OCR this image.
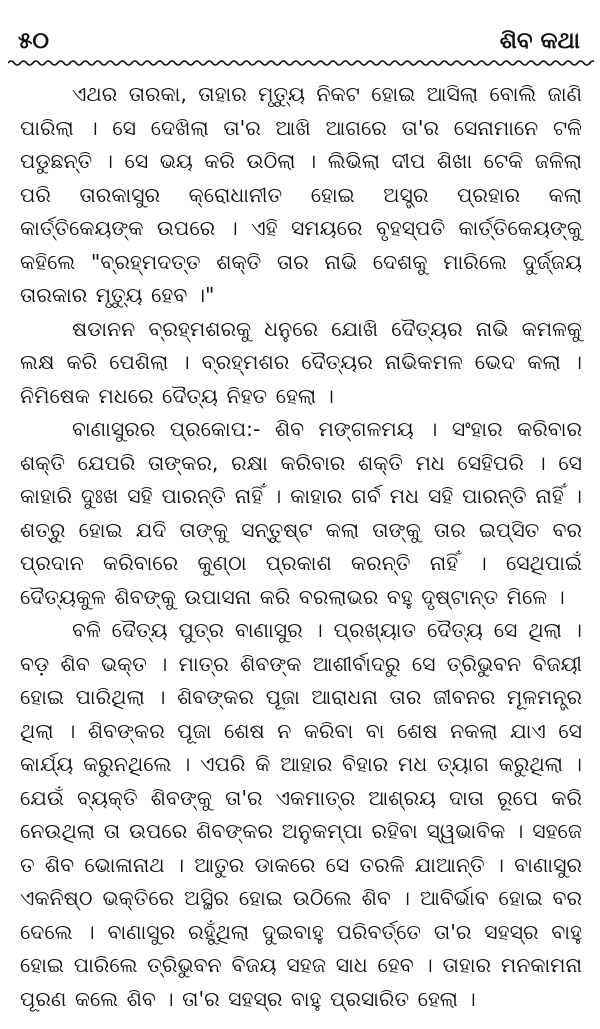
୫୦	ଶିବ କଥା

ଏଥର ତାରକା, ତାହାର ମୃତ୍ୟୁ ନିକଟ ହୋଇ ଆସିଲା ବୋଲି ଜାଣି ପାରିଲା । ସେ ଦେଖିଲା ତା'ର ଆଖି ଆଗରେ ତା'ର ସେନାମାନେ ଟଳି ପଡୁଛନ୍ତି । ସେ ଭୟ କରି ଉଠିଲା । ଲିଭିଲା ଦୀପ ଶିଖା ଟେକି ଜଳିଲା ପରି ତାରକାସୁର କ୍ରୋଧାନୀତ ହୋଇ ଅସ୍ତ୍ର ପ୍ରହାର କଲା କାର୍ତ୍ତିକେୟଙ୍କ ଉପରେ । ଏହି ସମୟରେ ବୃହସ୍ପତି କାର୍ତ୍ତିକେୟଙ୍କୁ କହିଲେ "ବ୍ରହ୍ମଦତ୍ତ ଶକ୍ତି ତାର ନାଭି ଦେଶକୁ ମାରିଲେ ଦୁର୍ଜ୍ଜୟ ତାରକାର ମୃତ୍ୟୁ ହେବ ।"

ଷଡାନନ ବ୍ରହ୍ମଶରକୁ ଧନୁରେ ଯୋଖି ଦୈତ୍ୟର ନାଭି କମଳକୁ ଲକ୍ଷ କରି ପେଶିଲା । ବ୍ରହ୍ମଶର ଦୈତ୍ୟର ନାଭିକମଳ ଭେଦ କଲା । ନିମିଷେକ ମଧରେ ଦୈତ୍ୟ ନିହତ ହେଲା ।

ବାଣାସୁରର ପ୍ରକୋପ:- ଶିବ ମଙ୍ଗଳମୟ । ସଂହାର କରିବାର ଶକ୍ତି ଯେପରି ତାଙ୍କର, ରକ୍ଷା କରିବାର ଶକ୍ତି ମଧ ସେହିପରି । ସେ କାହାରି ଦୁଃଖ ସହି ପାରନ୍ତି ନାହିଁ । କାହାର ଗର୍ବ ମଧ ସହି ପାରନ୍ତି ନାହିଁ । ଶତ୍ରୁ ହୋଇ ଯଦି ତାଙ୍କୁ ସନ୍ତୁଷ୍ଟ କଲା ତାଙ୍କୁ ତାର ଇପ୍ସିତ ବର ପ୍ରଦାନ କରିବାରେ କୁଣ୍ଠା ପ୍ରକାଶ କରନ୍ତି ନାହିଁ । ସେଥିପାଇଁ ଦୈତ୍ୟକୁଳ ଶିବଙ୍କୁ ଉପାସନା କରି ବରଲାଭର ବହୁ ଦୃଷ୍ଟାନ୍ତ ମିଳେ ।

ବଳି ଦୈତ୍ୟ ପୁତ୍ର ବାଣାସୁର । ପ୍ରଖ୍ୟାତ ଦୈତ୍ୟ ସେ ଥିଲା । ବଡ଼ ଶିବ ଭକ୍ତ । ମାତ୍ର ଶିବଙ୍କ ଆଶୀର୍ବାଦରୁ ସେ ତ୍ରିଭୁବନ ବିଜୟୀ ହୋଇ ପାରିଥିଲା । ଶିବଙ୍କର ପୂଜା ଆରାଧନା ତାର ଜୀବନର ମୂଳମନ୍ତ୍ର ଥିଲା । ଶିବଙ୍କର ପୂଜା ଶେଷ ନ କରିବା ବା ଶେଷ ନକଲା ଯାଏ ସେ କାର୍ଯ୍ୟ କରୁନଥିଲେ । ଏପରି କି ଆହାର ବିହାର ମଧ ତ୍ୟାଗ କରୁଥିଲା । ଯେଉଁ ବ୍ୟକ୍ତି ଶିବଙ୍କୁ ତା'ର ଏକମାତ୍ର ଆଶ୍ରୟ ଦାତା ରୂପେ କରି ନେଉଥିଲା ତା ଉପରେ ଶିବଙ୍କର ଅନୁକମ୍ପା ରହିବା ସ୍ୱଭାବିକ । ସହଜେ ତ ଶିବ ଭୋଳାନାଥ । ଆତୁର ଡାକରେ ସେ ତରଳି ଯାଆନ୍ତି । ବାଣାସୁର ଏକନିଷ୍ଠ ଭକ୍ତିରେ ଅସ୍ଥିର ହୋଇ ଉଠିଲେ ଶିବ । ଆବିର୍ଭାବ ହୋଇ ବର ଦେଲେ । ବାଣାସୁର ରହୁଁଥିଲା ଦୁଇବାହୁ ପରିବର୍ତ୍ତେ ତା'ର ସହସ୍ର ବାହୁ ହୋଇ ପାରିଲେ ତ୍ରିଭୁବନ ବିଜୟ ସହଜ ସାଧ ହେବ । ତାହାର ମନକାମନା ପୂରଣ କଲେ ଶିବ । ତା'ର ସହସ୍ର ବାହୁ ପ୍ରସାରିତ ହେଲା ।
